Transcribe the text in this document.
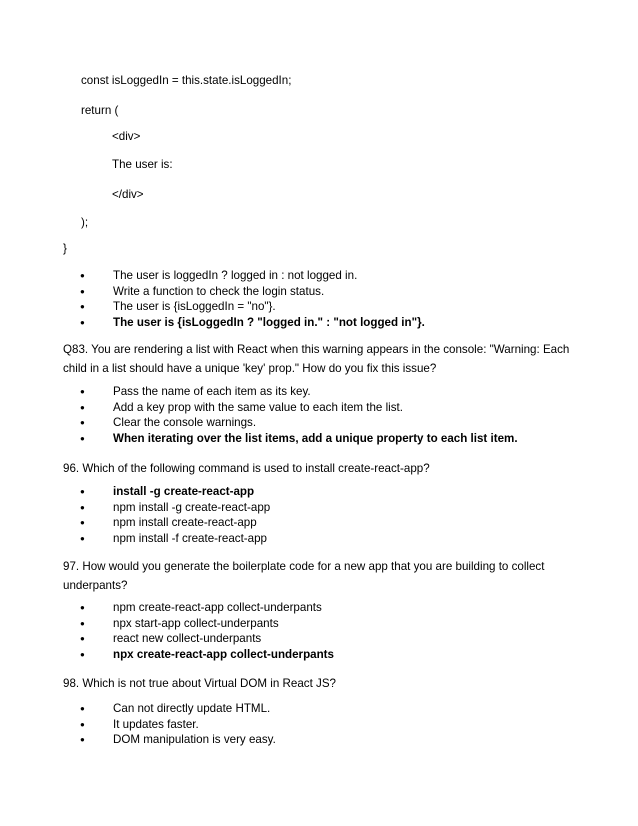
const isLoggedIn = this.state.isLoggedIn;
return (
<div>
The user is:
</div>
);
}
● The user is loggedIn ? logged in : not logged in.
● Write a function to check the login status.
● The user is {isLoggedIn = "no"}.
● The user is {isLoggedIn ? "logged in." : "not logged in"}.
Q83. You are rendering a list with React when this warning appears in the console: "Warning: Each child in a list should have a unique 'key' prop." How do you fix this issue?
● Pass the name of each item as its key.
● Add a key prop with the same value to each item the list.
● Clear the console warnings.
● When iterating over the list items, add a unique property to each list item.
96. Which of the following command is used to install create-react-app?
● install -g create-react-app
● npm install -g create-react-app
● npm install create-react-app
● npm install -f create-react-app
97. How would you generate the boilerplate code for a new app that you are building to collect underpants?
● npm create-react-app collect-underpants
● npx start-app collect-underpants
● react new collect-underpants
● npx create-react-app collect-underpants
98. Which is not true about Virtual DOM in React JS?
● Can not directly update HTML.
● It updates faster.
● DOM manipulation is very easy.
